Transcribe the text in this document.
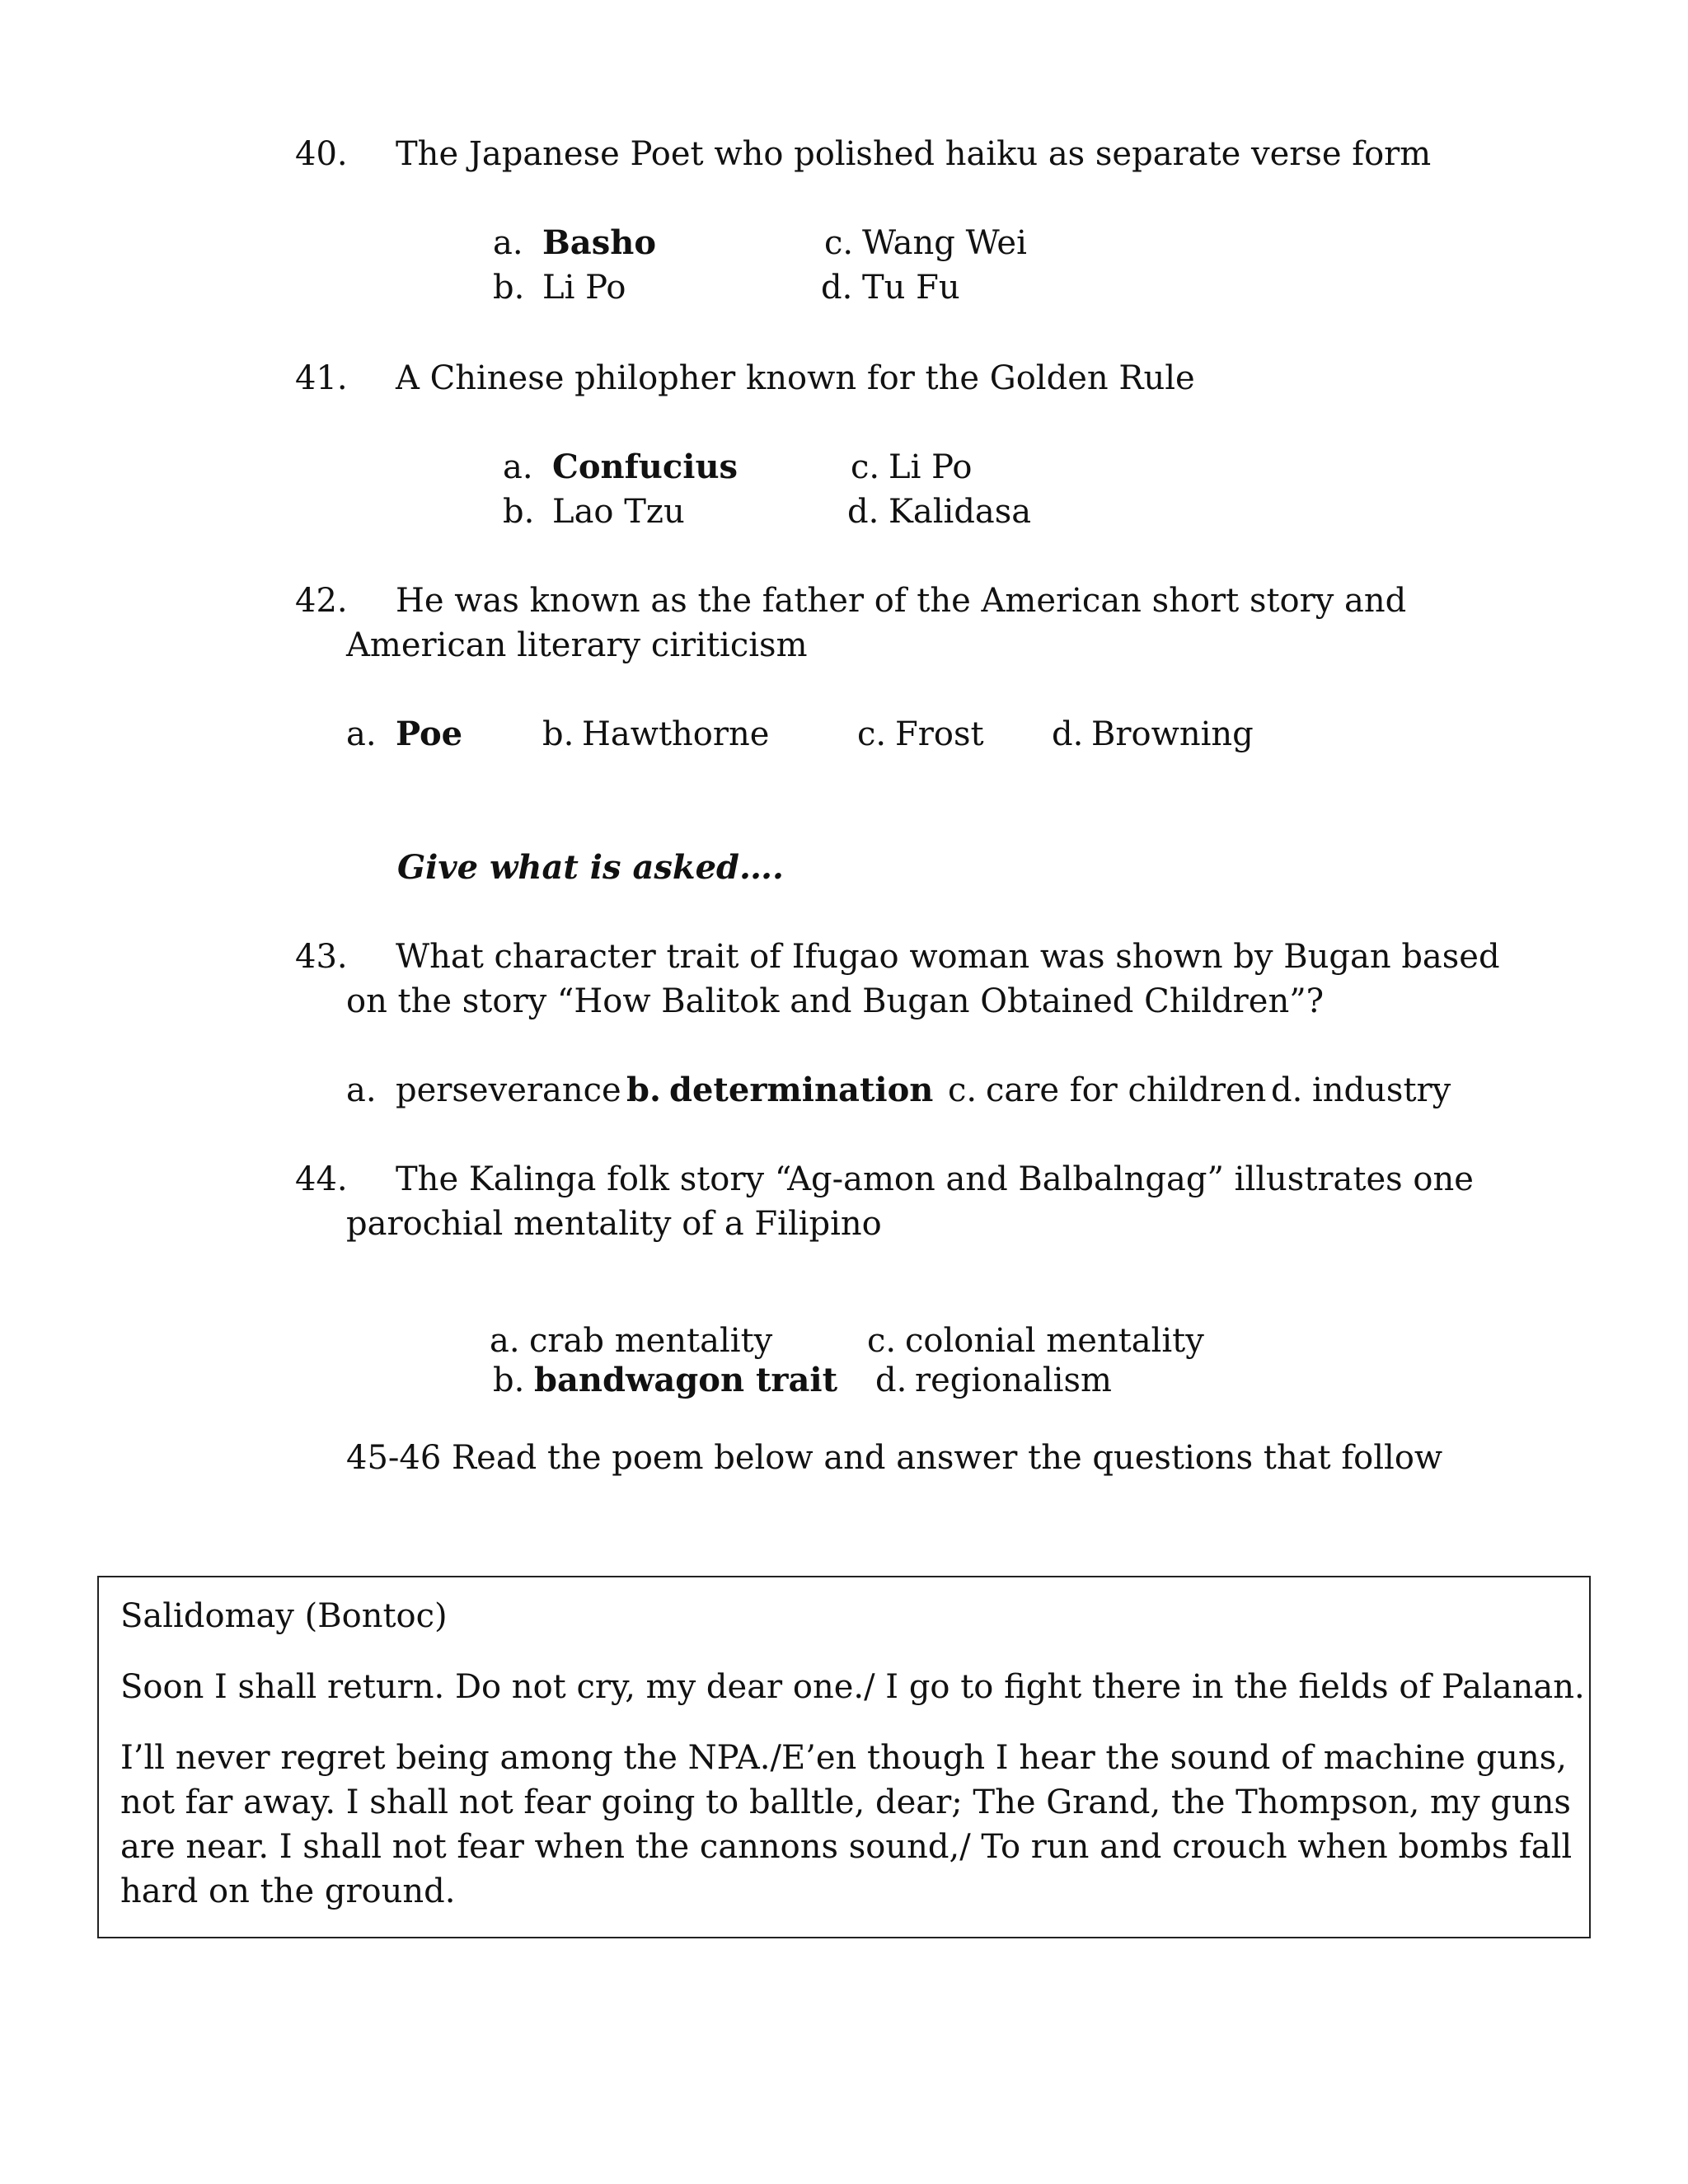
40. The Japanese Poet who polished haiku as separate verse form
a. Basho
b. Li Po
c. Wang Wei
d. Tu Fu
41. A Chinese philopher known for the Golden Rule
a. Confucius
b. Lao Tzu
c. Li Po
d. Kalidasa
42. He was known as the father of the American short story and
American literary ciriticism
a. Poe b. Hawthorne	c. Frost d. Browning
Give what is asked….
43. What character trait of Ifugao woman was shown by Bugan based
on the story “How Balitok and Bugan Obtained Children”?
a. perseverance b. determination c. care for children d. industry
44. The Kalinga folk story “Ag-amon and Balbalngag” illustrates one
parochial mentality of a Filipino
a. crab mentality
b. bandwagon trait
c. colonial mentality
d. regionalism
45-46 Read the poem below and answer the questions that follow
Salidomay (Bontoc)
Soon I shall return. Do not cry, my dear one./ I go to fight there in the fields of Palanan.
I’ll never regret being among the NPA./E’en though I hear the sound of machine guns,
not far away. I shall not fear going to balltle, dear; The Grand, the Thompson, my guns
are near. I shall not fear when the cannons sound,/ To run and crouch when bombs fall
hard on the ground.
